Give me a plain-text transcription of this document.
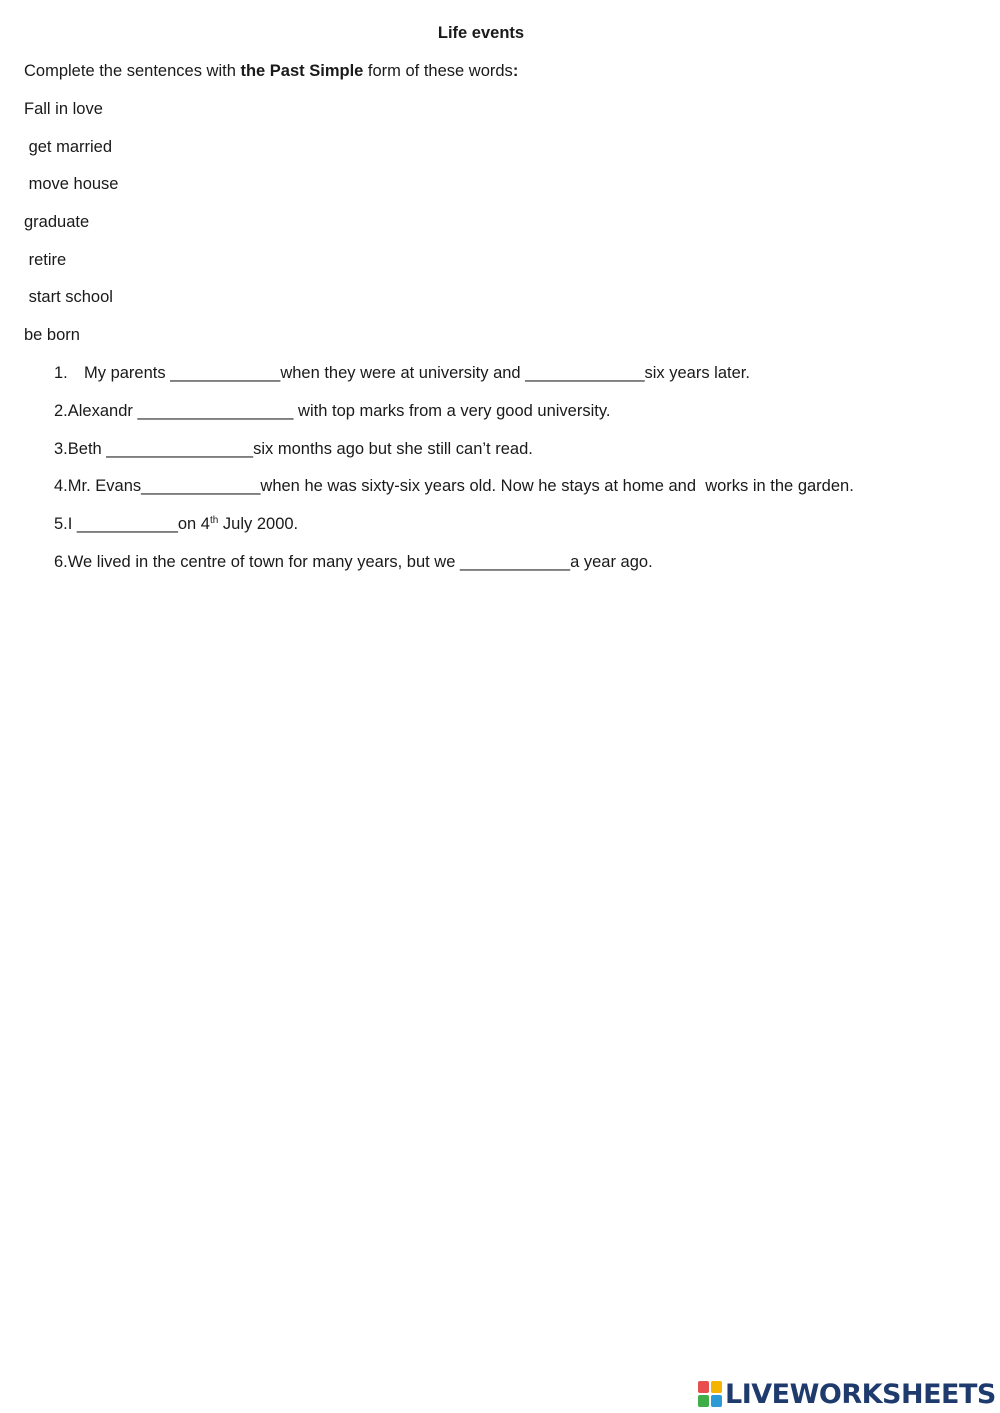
Life events
Complete the sentences with the Past Simple form of these words:
Fall in love
get married
move house
graduate
retire
start school
be born
1. My parents ____________when they were at university and _____________six years later.
2.Alexandr _________________ with top marks from a very good university.
3.Beth ________________six months ago but she still can’t read.
4.Mr. Evans_____________when he was sixty-six years old. Now he stays at home and  works in the garden.
5.I ___________on 4th July 2000.
6.We lived in the centre of town for many years, but we ____________a year ago.
LIVEWORKSHEETS
